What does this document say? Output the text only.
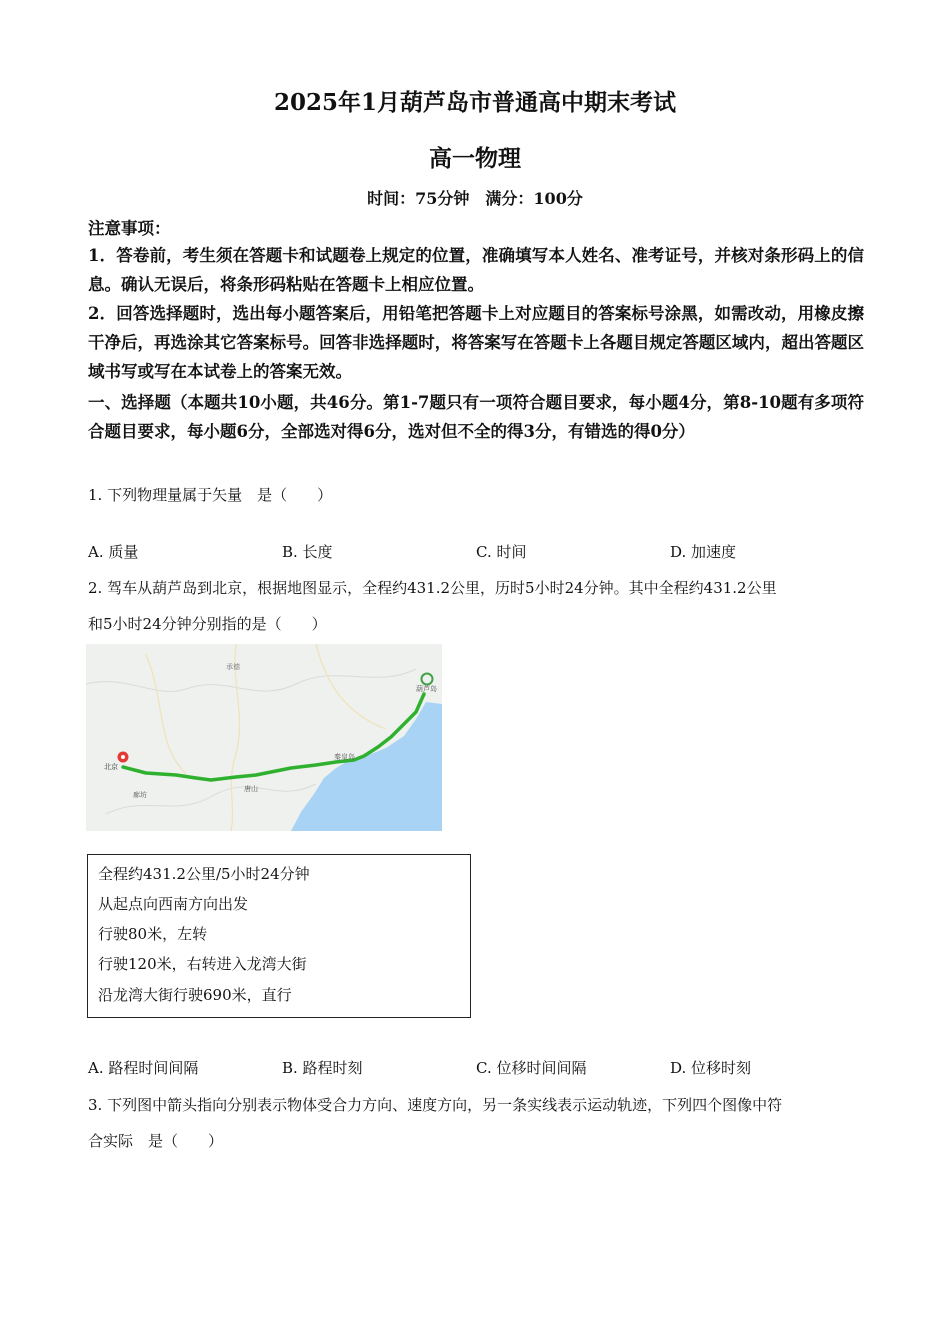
2025年1月葫芦岛市普通高中期末考试
高一物理
时间：75分钟　满分：100分
注意事项：
1．答卷前，考生须在答题卡和试题卷上规定的位置，准确填写本人姓名、准考证号，并核对条形码上的信息。确认无误后，将条形码粘贴在答题卡上相应位置。
2．回答选择题时，选出每小题答案后，用铅笔把答题卡上对应题目的答案标号涂黑，如需改动，用橡皮擦干净后，再选涂其它答案标号。回答非选择题时，将答案写在答题卡上各题目规定答题区域内，超出答题区域书写或写在本试卷上的答案无效。
一、选择题（本题共10小题，共46分。第1-7题只有一项符合题目要求，每小题4分，第8-10题有多项符合题目要求，每小题6分，全部选对得6分，选对但不全的得3分，有错选的得0分）
1. 下列物理量属于矢量　是（　　）
A. 质量	B. 长度	C. 时间	D. 加速度
2. 驾车从葫芦岛到北京，根据地图显示，全程约431.2公里，历时5小时24分钟。其中全程约431.2公里
和5小时24分钟分别指的是（　　）
承德
葫芦岛
北京
秦皇岛
廊坊
唐山
全程约431.2公里/5小时24分钟
从起点向西南方向出发
行驶80米，左转
行驶120米，右转进入龙湾大街
沿龙湾大街行驶690米，直行
A. 路程时间间隔	B. 路程时刻	C. 位移时间间隔	D. 位移时刻
3. 下列图中箭头指向分别表示物体受合力方向、速度方向，另一条实线表示运动轨迹，下列四个图像中符
合实际　是（　　）
